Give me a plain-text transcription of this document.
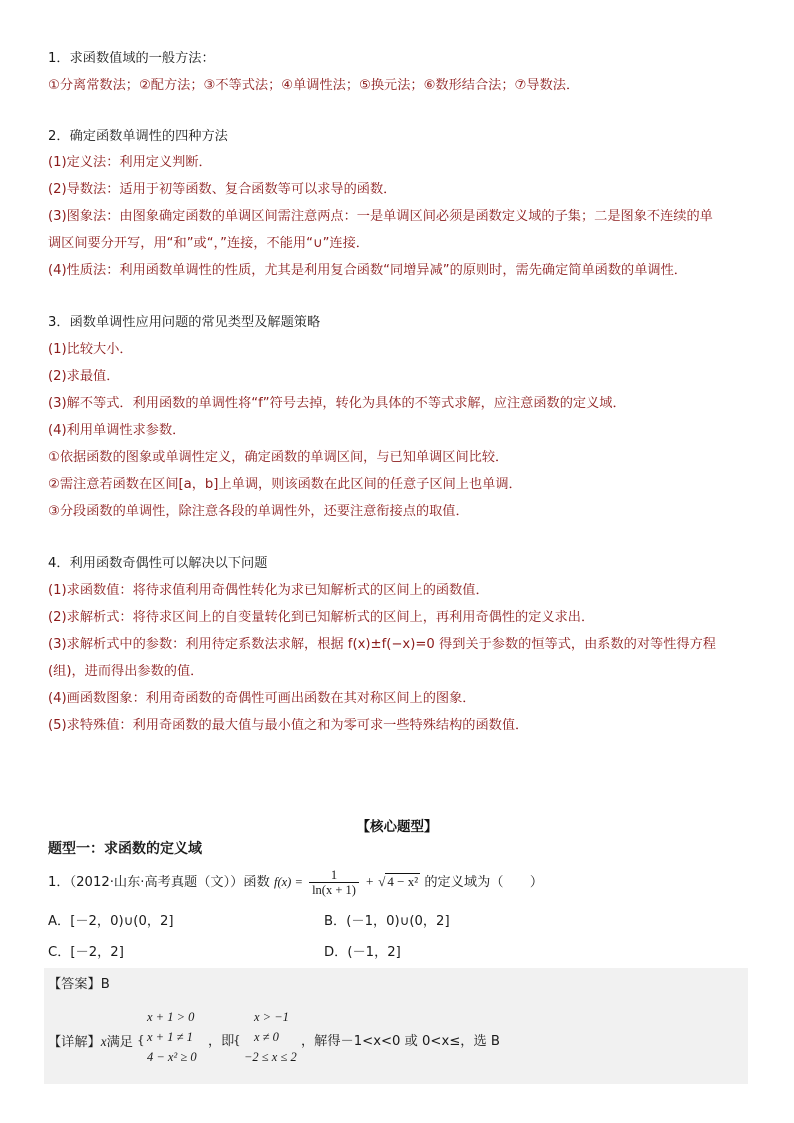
1．求函数值域的一般方法：
①分离常数法；②配方法；③不等式法；④单调性法；⑤换元法；⑥数形结合法；⑦导数法．
2．确定函数单调性的四种方法
(1)定义法：利用定义判断．
(2)导数法：适用于初等函数、复合函数等可以求导的函数．
(3)图象法：由图象确定函数的单调区间需注意两点：一是单调区间必须是函数定义域的子集；二是图象不连续的单
调区间要分开写，用“和”或“，”连接，不能用“∪”连接．
(4)性质法：利用函数单调性的性质，尤其是利用复合函数“同增异减”的原则时，需先确定简单函数的单调性．
3．函数单调性应用问题的常见类型及解题策略
(1)比较大小．
(2)求最值．
(3)解不等式．利用函数的单调性将“f”符号去掉，转化为具体的不等式求解，应注意函数的定义域．
(4)利用单调性求参数．
①依据函数的图象或单调性定义，确定函数的单调区间，与已知单调区间比较．
②需注意若函数在区间[a，b]上单调，则该函数在此区间的任意子区间上也单调．
③分段函数的单调性，除注意各段的单调性外，还要注意衔接点的取值．
4．利用函数奇偶性可以解决以下问题
(1)求函数值：将待求值利用奇偶性转化为求已知解析式的区间上的函数值．
(2)求解析式：将待求区间上的自变量转化到已知解析式的区间上，再利用奇偶性的定义求出．
(3)求解析式中的参数：利用待定系数法求解，根据 f(x)±f(−x)=0 得到关于参数的恒等式，由系数的对等性得方程
(组)，进而得出参数的值．
(4)画函数图象：利用奇函数的奇偶性可画出函数在其对称区间上的图象．
(5)求特殊值：利用奇函数的最大值与最小值之和为零可求一些特殊结构的函数值．
【核心题型】
题型一：求函数的定义域
1．（2012·山东·高考真题（文））函数 $f(x) = \frac{1}{\ln(x + 1)}$ + √ 4 − x² 的定义域为（　　）
A．[－2，0)∪(0，2]	B．(－1，0)∪(0，2]
C．[－2，2]	D．(－1，2]
【答案】B
【详解】x满足 {
x + 1 > 0
x + 1 ≠ 1
4 − x² ≥ 0
，即
{
x > −1
x ≠ 0
−2 ≤ x ≤ 2
，解得－1<x<0 或 0<x≤，选 B
